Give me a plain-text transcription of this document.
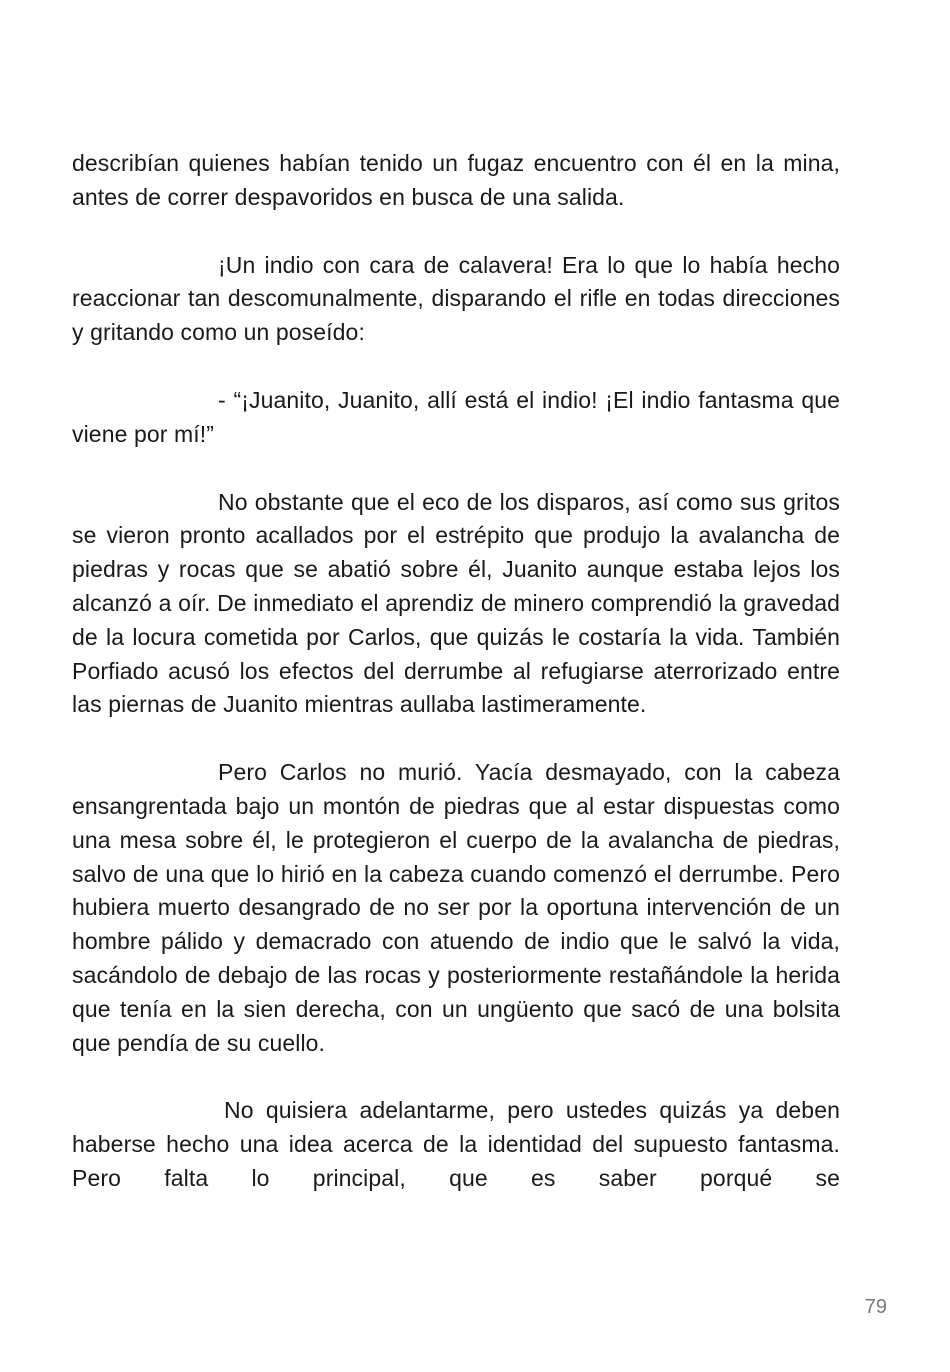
describían quienes habían tenido un fugaz encuentro con él en la mina, antes de correr despavoridos en busca de una salida.

¡Un indio con cara de calavera! Era lo que lo había hecho reaccionar tan descomunalmente, disparando el rifle en todas direcciones y gritando como un poseído:

- “¡Juanito, Juanito, allí está el indio! ¡El indio fantasma que viene por mí!”

No obstante que el eco de los disparos, así como sus gritos se vieron pronto acallados por el estrépito que produjo la avalancha de piedras y rocas que se abatió sobre él, Juanito aunque estaba lejos los alcanzó a oír. De inmediato el aprendiz de minero comprendió la gravedad de la locura cometida por Carlos, que quizás le costaría la vida. También Porfiado acusó los efectos del derrumbe al refugiarse aterrorizado entre las piernas de Juanito mientras aullaba lastimeramente.

Pero Carlos no murió. Yacía desmayado, con la cabeza ensangrentada bajo un montón de piedras que al estar dispuestas como una mesa sobre él, le protegieron el cuerpo de la avalancha de piedras, salvo de una que lo hirió en la cabeza cuando comenzó el derrumbe. Pero hubiera muerto desangrado de no ser por la oportuna intervención de un hombre pálido y demacrado con atuendo de indio que le salvó la vida, sacándolo de debajo de las rocas y posteriormente restañándole la herida que tenía en la sien derecha, con un ungüento que sacó de una bolsita que pendía de su cuello.

No quisiera adelantarme, pero ustedes quizás ya deben haberse hecho una idea acerca de la identidad del supuesto fantasma. Pero falta lo principal, que es saber porqué se

79
